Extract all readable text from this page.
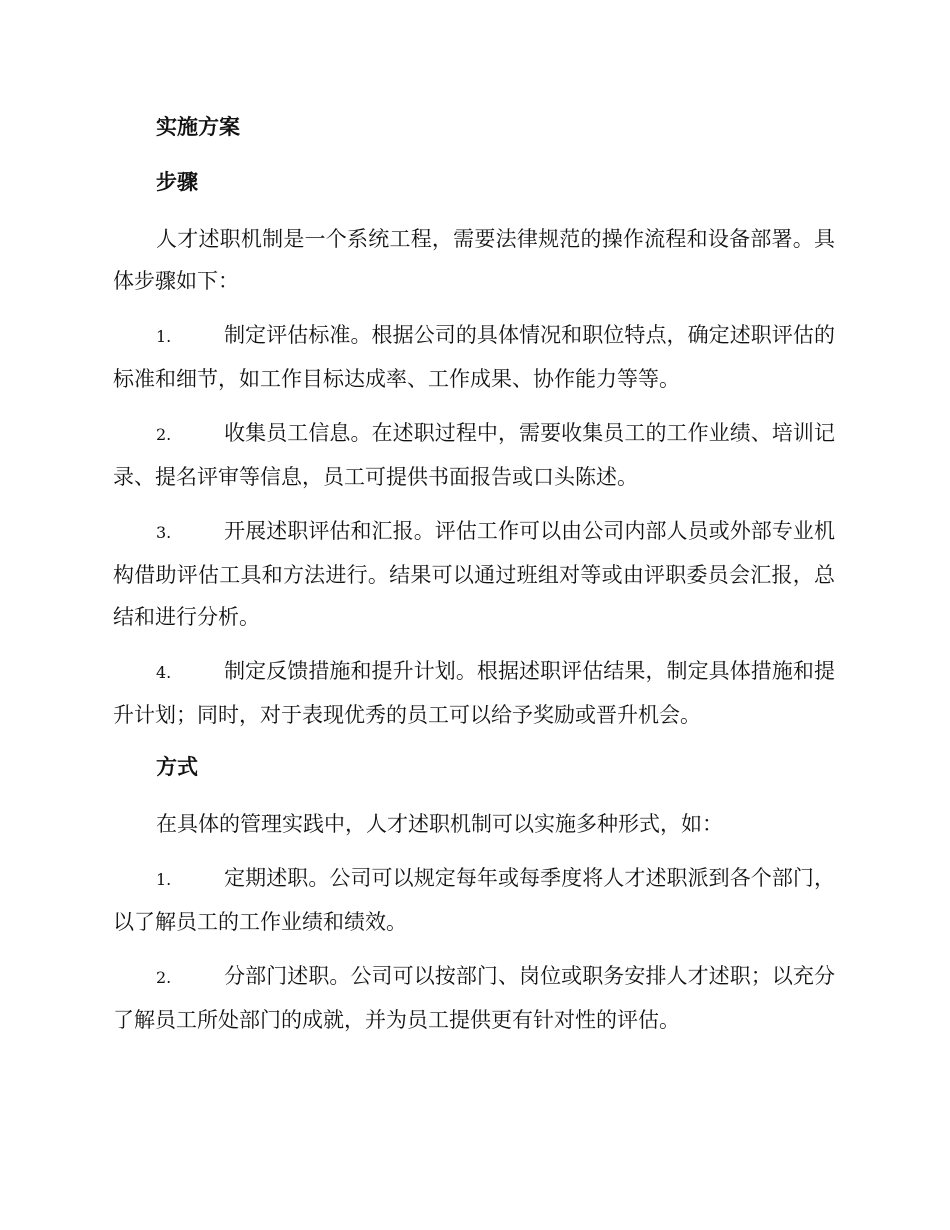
实施方案
步骤

人才述职机制是一个系统工程，需要法律规范的操作流程和设备部署。具体步骤如下：

1.	制定评估标准。根据公司的具体情况和职位特点，确定述职评估的标准和细节，如工作目标达成率、工作成果、协作能力等等。

2.	收集员工信息。在述职过程中，需要收集员工的工作业绩、培训记录、提名评审等信息，员工可提供书面报告或口头陈述。

3.	开展述职评估和汇报。评估工作可以由公司内部人员或外部专业机构借助评估工具和方法进行。结果可以通过班组对等或由评职委员会汇报，总结和进行分析。

4.	制定反馈措施和提升计划。根据述职评估结果，制定具体措施和提升计划；同时，对于表现优秀的员工可以给予奖励或晋升机会。

方式

在具体的管理实践中，人才述职机制可以实施多种形式，如：

1.	定期述职。公司可以规定每年或每季度将人才述职派到各个部门，以了解员工的工作业绩和绩效。

2.	分部门述职。公司可以按部门、岗位或职务安排人才述职；以充分了解员工所处部门的成就，并为员工提供更有针对性的评估。
